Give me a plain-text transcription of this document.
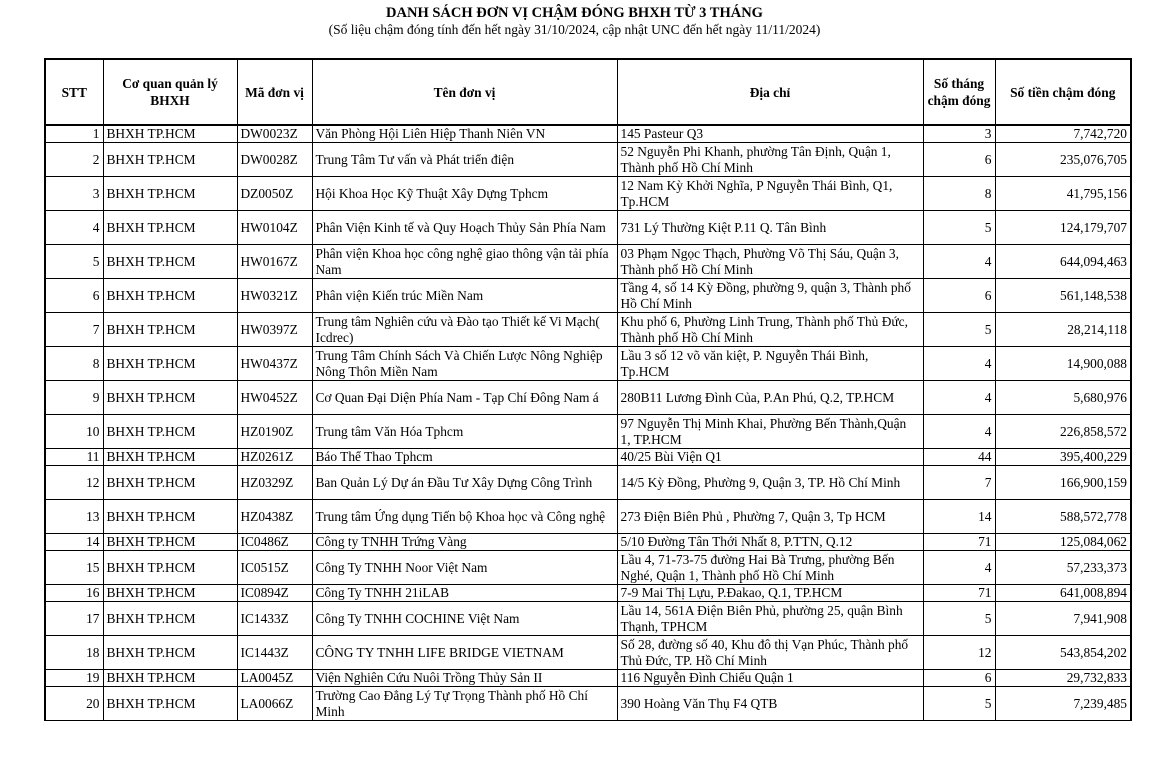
DANH SÁCH ĐƠN VỊ CHẬM ĐÓNG BHXH TỪ 3 THÁNG
(Số liệu chậm đóng tính đến hết ngày 31/10/2024, cập nhật UNC đến hết ngày 11/11/2024)
STT	Cơ quan quản lý BHXH	Mã đơn vị	Tên đơn vị	Địa chỉ	Số tháng chậm đóng	Số tiền chậm đóng
1	BHXH TP.HCM	DW0023Z	Văn Phòng Hội Liên Hiệp Thanh Niên VN	145 Pasteur Q3	3	7,742,720
2	BHXH TP.HCM	DW0028Z	Trung Tâm Tư vấn và Phát triển điện	52 Nguyễn Phi Khanh, phường Tân Định, Quận 1, Thành phố Hồ Chí Minh	6	235,076,705
3	BHXH TP.HCM	DZ0050Z	Hội Khoa Học Kỹ Thuật Xây Dựng Tphcm	12 Nam Kỳ Khởi Nghĩa, P Nguyễn Thái Bình, Q1, Tp.HCM	8	41,795,156
4	BHXH TP.HCM	HW0104Z	Phân Viện Kinh tế và Quy Hoạch Thủy Sản Phía Nam	731 Lý Thường Kiệt P.11 Q. Tân Bình	5	124,179,707
5	BHXH TP.HCM	HW0167Z	Phân viện Khoa học công nghệ giao thông vận tải phía Nam	03 Phạm Ngọc Thạch, Phường Võ Thị Sáu, Quận 3, Thành phố Hồ Chí Minh	4	644,094,463
6	BHXH TP.HCM	HW0321Z	Phân viện Kiến trúc Miền Nam	Tầng 4, số 14 Kỳ Đồng, phường 9, quận 3, Thành phố Hồ Chí Minh	6	561,148,538
7	BHXH TP.HCM	HW0397Z	Trung tâm Nghiên cứu và Đào tạo Thiết kế Vi Mạch( Icdrec)	Khu phố 6, Phường Linh Trung, Thành phố Thủ Đức, Thành phố Hồ Chí Minh	5	28,214,118
8	BHXH TP.HCM	HW0437Z	Trung Tâm Chính Sách Và Chiến Lược Nông Nghiệp Nông Thôn Miền Nam	Lầu 3 số 12 võ văn kiệt, P. Nguyễn Thái Bình, Tp.HCM	4	14,900,088
9	BHXH TP.HCM	HW0452Z	Cơ Quan Đại Diện Phía Nam - Tạp Chí Đông Nam á	280B11 Lương Đình Của, P.An Phú, Q.2, TP.HCM	4	5,680,976
10	BHXH TP.HCM	HZ0190Z	Trung tâm Văn Hóa Tphcm	97 Nguyễn Thị Minh Khai, Phường Bến Thành,Quận 1, TP.HCM	4	226,858,572
11	BHXH TP.HCM	HZ0261Z	Báo Thể Thao Tphcm	40/25 Bùi Viện Q1	44	395,400,229
12	BHXH TP.HCM	HZ0329Z	Ban Quản Lý Dự án Đầu Tư Xây Dựng Công Trình	14/5 Kỳ Đồng, Phường 9, Quận 3, TP. Hồ Chí Minh	7	166,900,159
13	BHXH TP.HCM	HZ0438Z	Trung tâm Ứng dụng Tiến bộ Khoa học và Công nghệ	273 Điện Biên Phủ , Phường 7, Quận 3, Tp HCM	14	588,572,778
14	BHXH TP.HCM	IC0486Z	Công ty TNHH Trứng Vàng	5/10 Đường Tân Thới Nhất 8, P.TTN, Q.12	71	125,084,062
15	BHXH TP.HCM	IC0515Z	Công Ty TNHH Noor Việt Nam	Lầu 4, 71-73-75 đường Hai Bà Trưng, phường Bến Nghé, Quận 1, Thành phố Hồ Chí Minh	4	57,233,373
16	BHXH TP.HCM	IC0894Z	Công Ty TNHH 21iLAB	7-9 Mai Thị Lựu, P.Đakao, Q.1, TP.HCM	71	641,008,894
17	BHXH TP.HCM	IC1433Z	Công Ty TNHH COCHINE Việt Nam	Lầu 14, 561A Điện Biên Phủ, phường 25, quận Bình Thạnh, TPHCM	5	7,941,908
18	BHXH TP.HCM	IC1443Z	CÔNG TY TNHH LIFE BRIDGE VIETNAM	Số 28, đường số 40, Khu đô thị Vạn Phúc, Thành phố Thủ Đức, TP. Hồ Chí Minh	12	543,854,202
19	BHXH TP.HCM	LA0045Z	Viện Nghiên Cứu Nuôi Trồng Thủy Sản II	116 Nguyễn Đình Chiểu Quận 1	6	29,732,833
20	BHXH TP.HCM	LA0066Z	Trường Cao Đẳng Lý Tự Trọng Thành phố Hồ Chí Minh	390 Hoàng Văn Thụ F4 QTB	5	7,239,485
